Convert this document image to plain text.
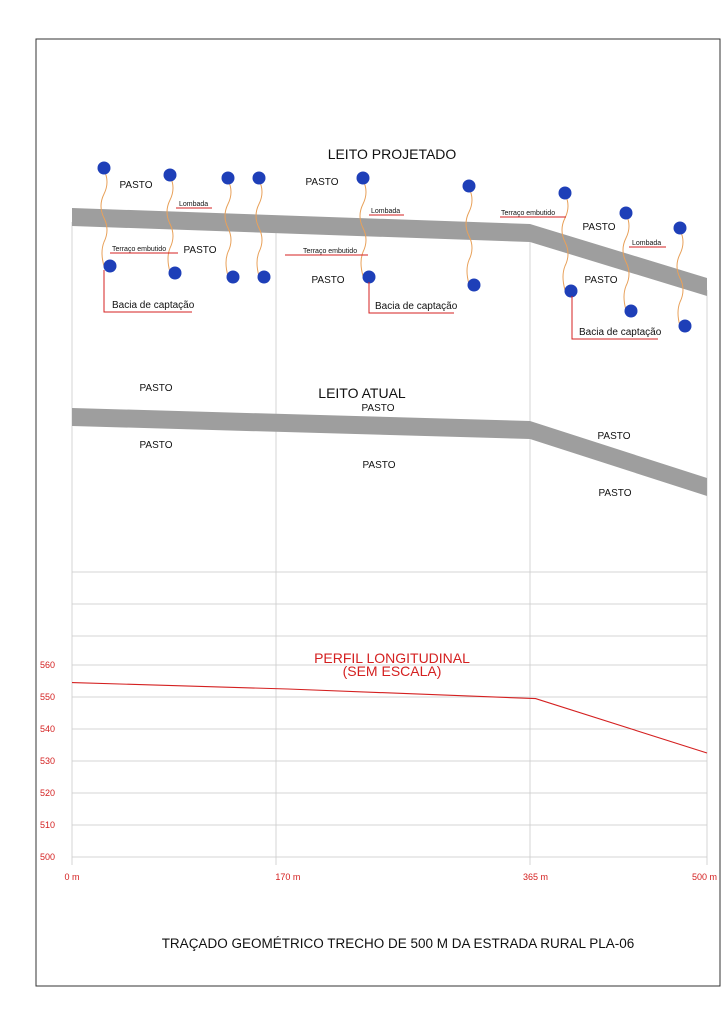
LEITO PROJETADO
LEITO ATUAL
PASTO	PASTO
PASTO
PASTO
PASTO
PASTO
PASTO
PASTO
PASTO
PASTO
PASTO
PASTO
Lombada
Lombada
Lombada
Terraço embutido	Terraço embutido
Terraço embutido
Bacia de captação	Bacia de captação
Bacia de captação
560
550
540
530
520
510
500
0 m	170 m	365 m	500 m
PERFIL LONGITUDINAL
(SEM ESCALA)
TRAÇADO GEOMÉTRICO TRECHO DE 500 M DA ESTRADA RURAL PLA-06
